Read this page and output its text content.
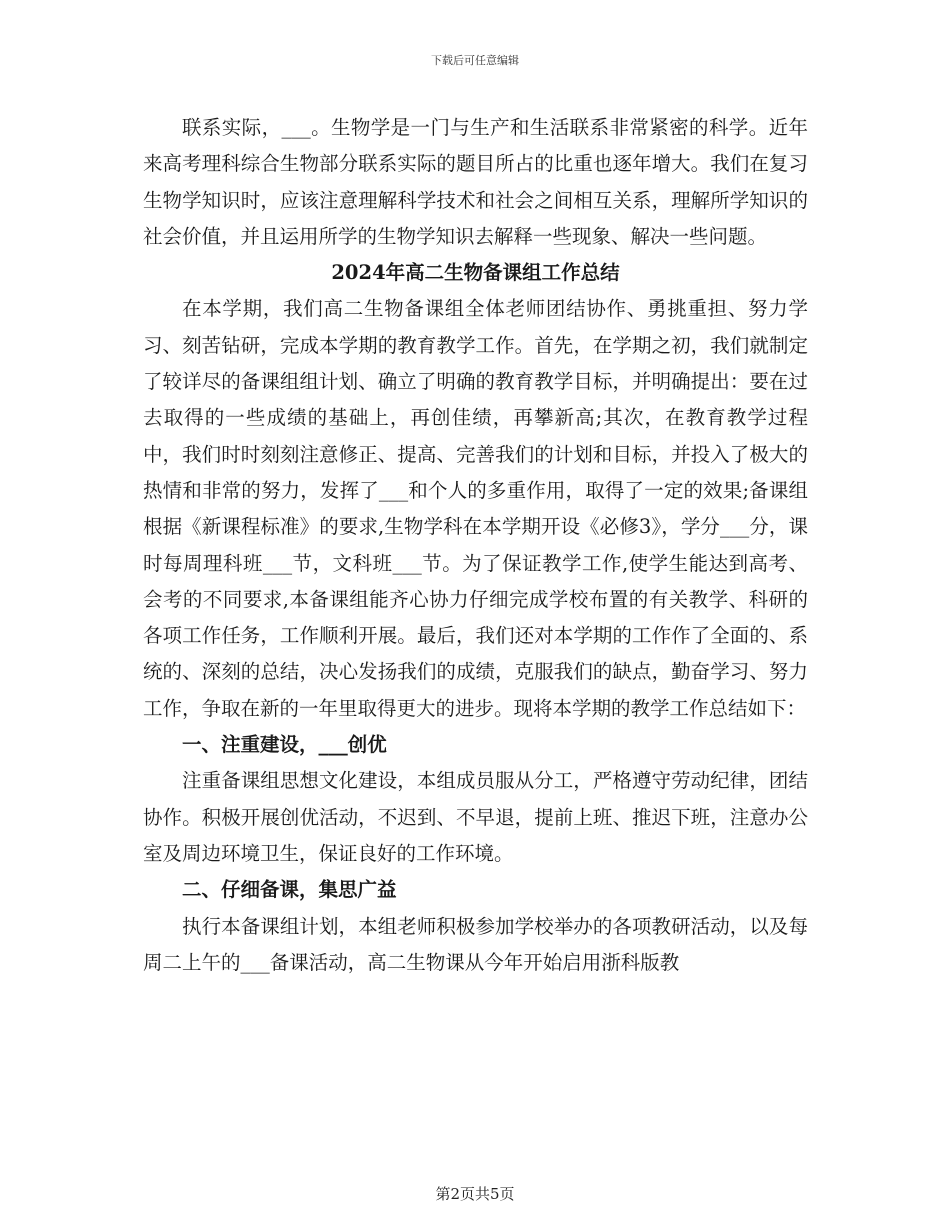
下载后可任意编辑

联系实际，___。生物学是一门与生产和生活联系非常紧密的科学。近年来高考理科综合生物部分联系实际的题目所占的比重也逐年增大。我们在复习生物学知识时，应该注意理解科学技术和社会之间相互关系，理解所学知识的社会价值，并且运用所学的生物学知识去解释一些现象、解决一些问题。

2024年高二生物备课组工作总结

在本学期，我们高二生物备课组全体老师团结协作、勇挑重担、努力学习、刻苦钻研，完成本学期的教育教学工作。首先，在学期之初，我们就制定了较详尽的备课组组计划、确立了明确的教育教学目标，并明确提出：要在过去取得的一些成绩的基础上，再创佳绩，再攀新高;其次，在教育教学过程中，我们时时刻刻注意修正、提高、完善我们的计划和目标，并投入了极大的热情和非常的努力，发挥了___和个人的多重作用，取得了一定的效果;备课组根据《新课程标准》的要求,生物学科在本学期开设《必修3》，学分___分，课时每周理科班___节，文科班___节。为了保证教学工作,使学生能达到高考、会考的不同要求,本备课组能齐心协力仔细完成学校布置的有关教学、科研的各项工作任务，工作顺利开展。最后，我们还对本学期的工作作了全面的、系统的、深刻的总结，决心发扬我们的成绩，克服我们的缺点，勤奋学习、努力工作，争取在新的一年里取得更大的进步。现将本学期的教学工作总结如下：

一、注重建设，___创优

注重备课组思想文化建设，本组成员服从分工，严格遵守劳动纪律，团结协作。积极开展创优活动，不迟到、不早退，提前上班、推迟下班，注意办公室及周边环境卫生，保证良好的工作环境。

二、仔细备课，集思广益

执行本备课组计划，本组老师积极参加学校举办的各项教研活动，以及每周二上午的___备课活动，高二生物课从今年开始启用浙科版教

第2页共5页
